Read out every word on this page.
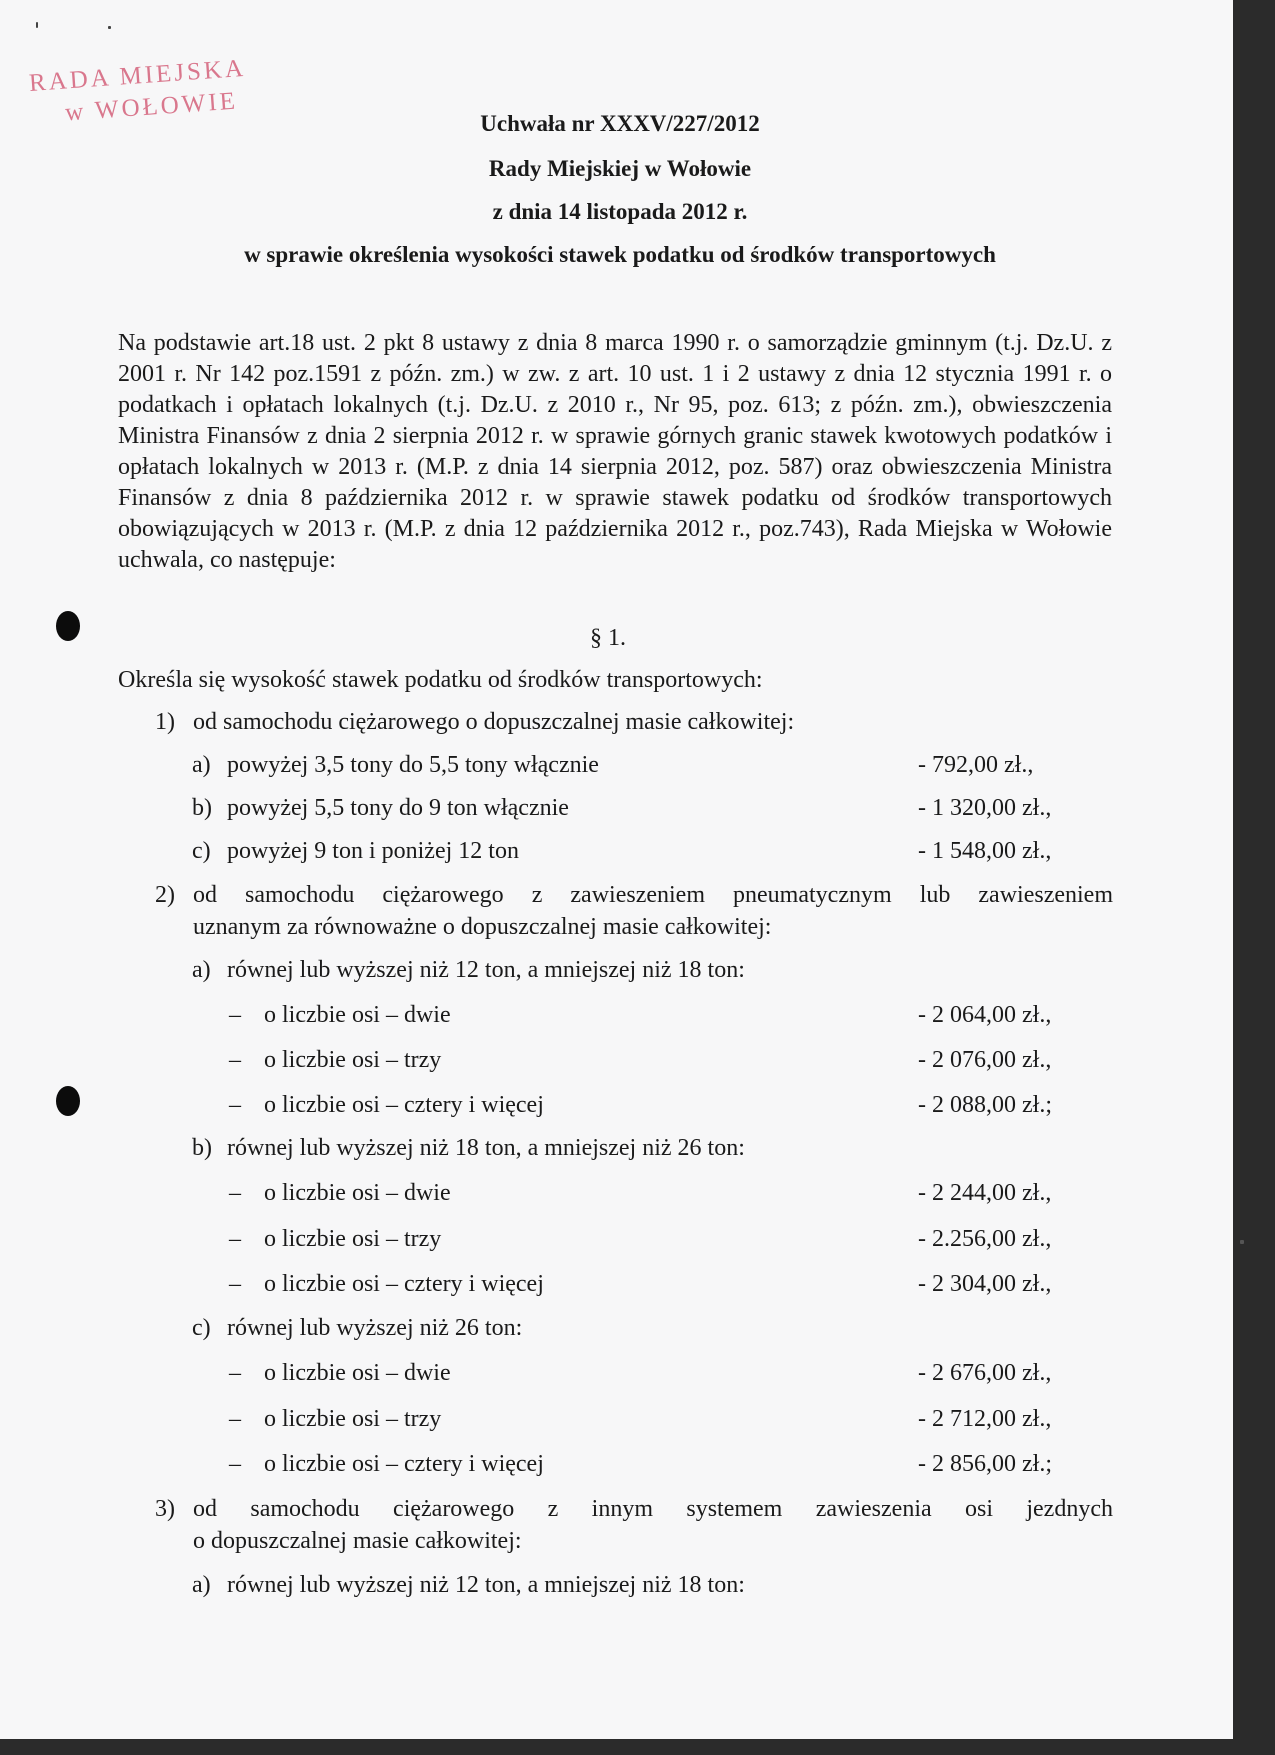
RADA MIEJSKA
w WOŁOWIE	Uchwała nr XXXV/227/2012
Rady Miejskiej w Wołowie
z dnia 14 listopada 2012 r.
w sprawie określenia wysokości stawek podatku od środków transportowych
Na podstawie art.18 ust. 2 pkt 8 ustawy z dnia 8 marca 1990 r. o samorządzie gminnym (t.j. Dz.U. z 2001 r. Nr 142 poz.1591 z późn. zm.) w zw. z art. 10 ust. 1 i 2 ustawy z dnia 12 stycznia 1991 r. o podatkach i opłatach lokalnych (t.j. Dz.U. z 2010 r., Nr 95, poz. 613; z późn. zm.), obwieszczenia Ministra Finansów z dnia 2 sierpnia 2012 r. w sprawie górnych granic stawek kwotowych podatków i opłatach lokalnych w 2013 r. (M.P. z dnia 14 sierpnia 2012, poz. 587) oraz obwieszczenia Ministra Finansów z dnia 8 października 2012 r. w sprawie stawek podatku od środków transportowych obowiązujących w 2013 r. (M.P. z dnia 12 października 2012 r., poz.743), Rada Miejska w Wołowie uchwala, co następuje:
§ 1.
Określa się wysokość stawek podatku od środków transportowych:
1) od samochodu ciężarowego o dopuszczalnej masie całkowitej:
a) powyżej 3,5 tony do 5,5 tony włącznie	- 792,00 zł.,
b) powyżej 5,5 tony do 9 ton włącznie	- 1 320,00 zł.,
c) powyżej 9 ton i poniżej 12 ton	- 1 548,00 zł.,
2) od samochodu ciężarowego z zawieszeniem pneumatycznym lub zawieszeniem
uznanym za równoważne o dopuszczalnej masie całkowitej:
a) równej lub wyższej niż 12 ton, a mniejszej niż 18 ton:
– o liczbie osi – dwie	- 2 064,00 zł.,
– o liczbie osi – trzy	- 2 076,00 zł.,
– o liczbie osi – cztery i więcej	- 2 088,00 zł.;
b) równej lub wyższej niż 18 ton, a mniejszej niż 26 ton:
– o liczbie osi – dwie	- 2 244,00 zł.,
– o liczbie osi – trzy	- 2.256,00 zł.,
– o liczbie osi – cztery i więcej	- 2 304,00 zł.,
c) równej lub wyższej niż 26 ton:
– o liczbie osi – dwie	- 2 676,00 zł.,
– o liczbie osi – trzy	- 2 712,00 zł.,
– o liczbie osi – cztery i więcej	- 2 856,00 zł.;
3) od samochodu ciężarowego z innym systemem zawieszenia osi jezdnych
o dopuszczalnej masie całkowitej:
a) równej lub wyższej niż 12 ton, a mniejszej niż 18 ton:
